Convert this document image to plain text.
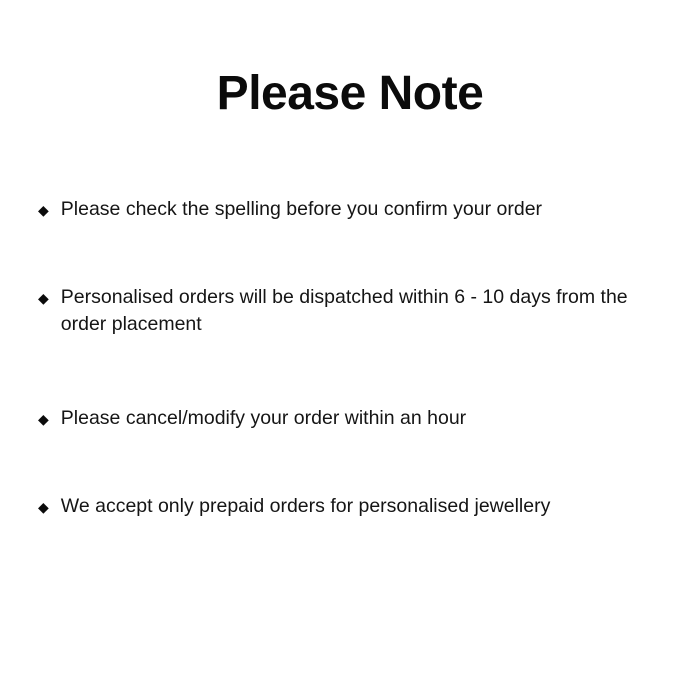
Please Note
◆ Please check the spelling before you confirm your order
◆ Personalised orders will be dispatched within 6 - 10 days from the order placement
◆ Please cancel/modify your order within an hour
◆ We accept only prepaid orders for personalised jewellery
